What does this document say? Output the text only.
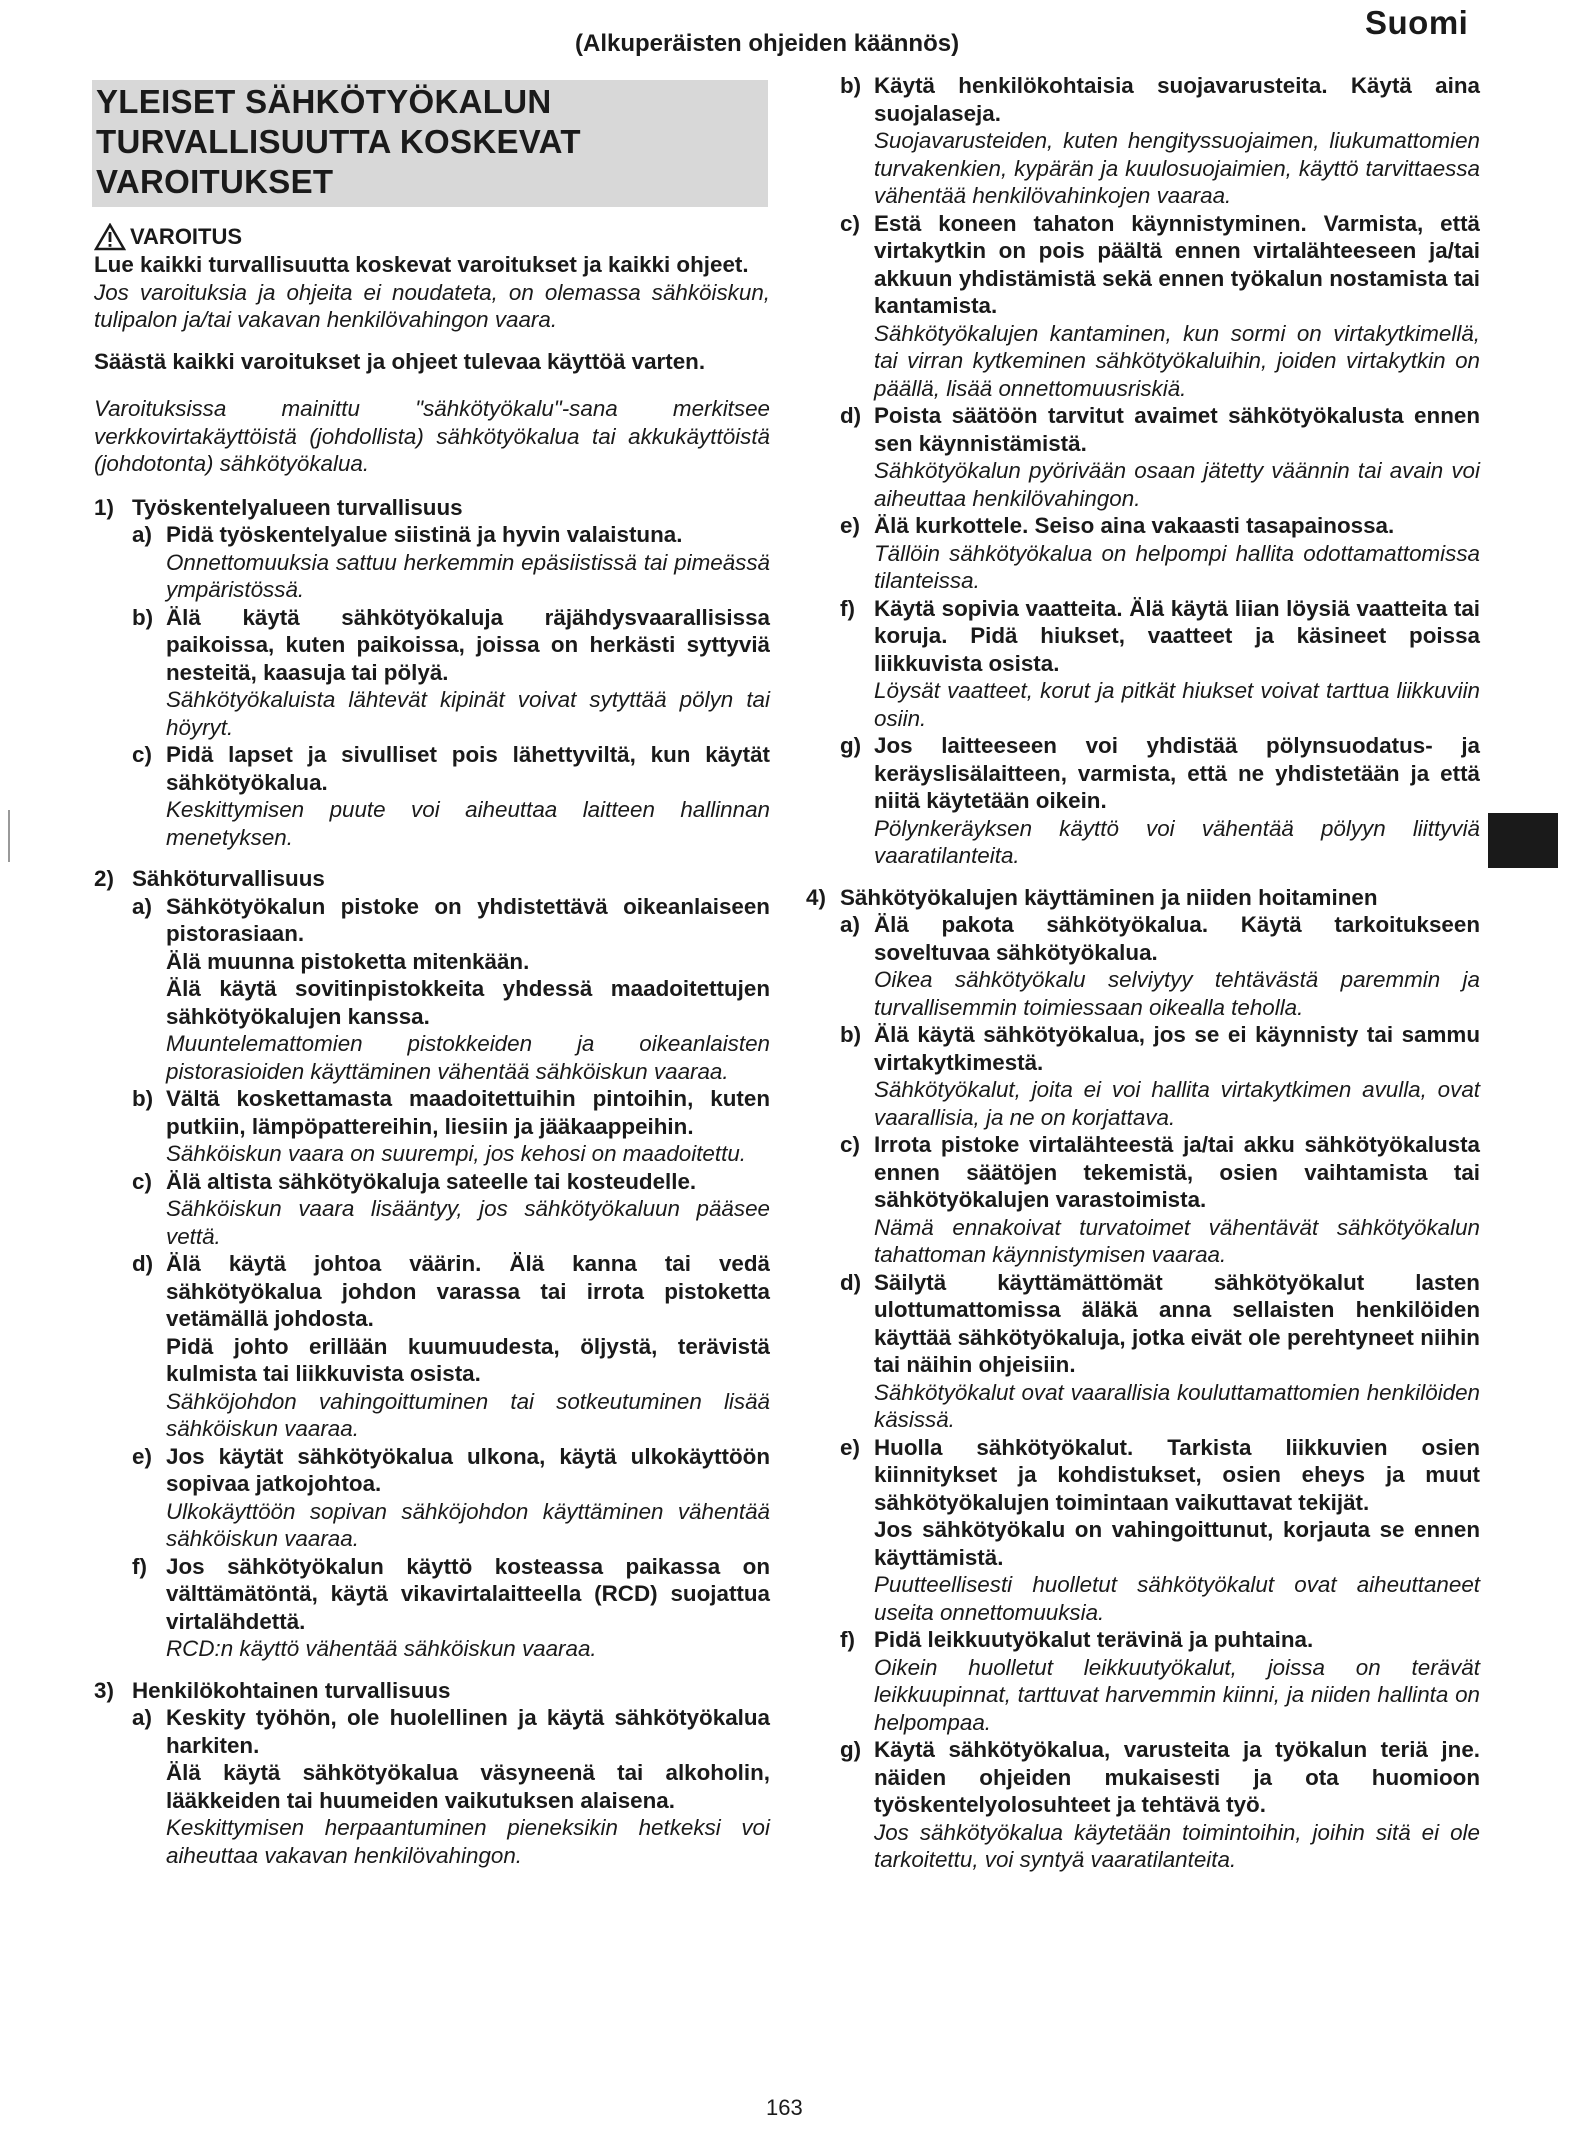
Suomi
(Alkuperäisten ohjeiden käännös)
YLEISET SÄHKÖTYÖKALUN
TURVALLISUUTTA KOSKEVAT
VAROITUKSET
VAROITUS
Lue kaikki turvallisuutta koskevat varoitukset ja kaikki ohjeet.
Jos varoituksia ja ohjeita ei noudateta, on olemassa sähköiskun, tulipalon ja/tai vakavan henkilövahingon vaara.
Säästä kaikki varoitukset ja ohjeet tulevaa käyttöä varten.
Varoituksissa mainittu "sähkötyökalu"-sana merkitsee verkkovirtakäyttöistä (johdollista) sähkötyökalua tai akkukäyttöistä (johdotonta) sähkötyökalua.
1) Työskentelyalueen turvallisuus
a) Pidä työskentelyalue siistinä ja hyvin valaistuna.
Onnettomuuksia sattuu herkemmin epäsiistissä tai pimeässä ympäristössä.
b) Älä käytä sähkötyökaluja räjähdysvaarallisissa paikoissa, kuten paikoissa, joissa on herkästi syttyviä nesteitä, kaasuja tai pölyä.
Sähkötyökaluista lähtevät kipinät voivat sytyttää pölyn tai höyryt.
c) Pidä lapset ja sivulliset pois lähettyviltä, kun käytät sähkötyökalua.
Keskittymisen puute voi aiheuttaa laitteen hallinnan menetyksen.
2) Sähköturvallisuus
a) Sähkötyökalun pistoke on yhdistettävä oikeanlaiseen pistorasiaan.
Älä muunna pistoketta mitenkään.
Älä käytä sovitinpistokkeita yhdessä maadoitettujen sähkötyökalujen kanssa.
Muuntelemattomien pistokkeiden ja oikeanlaisten pistorasioiden käyttäminen vähentää sähköiskun vaaraa.
b) Vältä koskettamasta maadoitettuihin pintoihin, kuten putkiin, lämpöpattereihin, liesiin ja jääkaappeihin.
Sähköiskun vaara on suurempi, jos kehosi on maadoitettu.
c) Älä altista sähkötyökaluja sateelle tai kosteudelle.
Sähköiskun vaara lisääntyy, jos sähkötyökaluun pääsee vettä.
d) Älä käytä johtoa väärin. Älä kanna tai vedä sähkötyökalua johdon varassa tai irrota pistoketta vetämällä johdosta.
Pidä johto erillään kuumuudesta, öljystä, terävistä kulmista tai liikkuvista osista.
Sähköjohdon vahingoittuminen tai sotkeutuminen lisää sähköiskun vaaraa.
e) Jos käytät sähkötyökalua ulkona, käytä ulkokäyttöön sopivaa jatkojohtoa.
Ulkokäyttöön sopivan sähköjohdon käyttäminen vähentää sähköiskun vaaraa.
f) Jos sähkötyökalun käyttö kosteassa paikassa on välttämätöntä, käytä vikavirtalaitteella (RCD) suojattua virtalähdettä.
RCD:n käyttö vähentää sähköiskun vaaraa.
3) Henkilökohtainen turvallisuus
a) Keskity työhön, ole huolellinen ja käytä sähkötyökalua harkiten.
Älä käytä sähkötyökalua väsyneenä tai alkoholin, lääkkeiden tai huumeiden vaikutuksen alaisena.
Keskittymisen herpaantuminen pieneksikin hetkeksi voi aiheuttaa vakavan henkilövahingon.
b) Käytä henkilökohtaisia suojavarusteita. Käytä aina suojalaseja.
Suojavarusteiden, kuten hengityssuojaimen, liukumattomien turvakenkien, kypärän ja kuulosuojaimien, käyttö tarvittaessa vähentää henkilövahinkojen vaaraa.
c) Estä koneen tahaton käynnistyminen. Varmista, että virtakytkin on pois päältä ennen virtalähteeseen ja/tai akkuun yhdistämistä sekä ennen työkalun nostamista tai kantamista.
Sähkötyökalujen kantaminen, kun sormi on virtakytkimellä, tai virran kytkeminen sähkötyökaluihin, joiden virtakytkin on päällä, lisää onnettomuusriskiä.
d) Poista säätöön tarvitut avaimet sähkötyökalusta ennen sen käynnistämistä.
Sähkötyökalun pyörivään osaan jätetty väännin tai avain voi aiheuttaa henkilövahingon.
e) Älä kurkottele. Seiso aina vakaasti tasapainossa.
Tällöin sähkötyökalua on helpompi hallita odottamattomissa tilanteissa.
f) Käytä sopivia vaatteita. Älä käytä liian löysiä vaatteita tai koruja. Pidä hiukset, vaatteet ja käsineet poissa liikkuvista osista.
Löysät vaatteet, korut ja pitkät hiukset voivat tarttua liikkuviin osiin.
g) Jos laitteeseen voi yhdistää pölynsuodatus- ja keräyslisälaitteen, varmista, että ne yhdistetään ja että niitä käytetään oikein.
Pölynkeräyksen käyttö voi vähentää pölyyn liittyviä vaaratilanteita.
4) Sähkötyökalujen käyttäminen ja niiden hoitaminen
a) Älä pakota sähkötyökalua. Käytä tarkoitukseen soveltuvaa sähkötyökalua.
Oikea sähkötyökalu selviytyy tehtävästä paremmin ja turvallisemmin toimiessaan oikealla teholla.
b) Älä käytä sähkötyökalua, jos se ei käynnisty tai sammu virtakytkimestä.
Sähkötyökalut, joita ei voi hallita virtakytkimen avulla, ovat vaarallisia, ja ne on korjattava.
c) Irrota pistoke virtalähteestä ja/tai akku sähkötyökalusta ennen säätöjen tekemistä, osien vaihtamista tai sähkötyökalujen varastoimista.
Nämä ennakoivat turvatoimet vähentävät sähkötyökalun tahattoman käynnistymisen vaaraa.
d) Säilytä käyttämättömät sähkötyökalut lasten ulottumattomissa äläkä anna sellaisten henkilöiden käyttää sähkötyökaluja, jotka eivät ole perehtyneet niihin tai näihin ohjeisiin.
Sähkötyökalut ovat vaarallisia kouluttamattomien henkilöiden käsissä.
e) Huolla sähkötyökalut. Tarkista liikkuvien osien kiinnitykset ja kohdistukset, osien eheys ja muut sähkötyökalujen toimintaan vaikuttavat tekijät.
Jos sähkötyökalu on vahingoittunut, korjauta se ennen käyttämistä.
Puutteellisesti huolletut sähkötyökalut ovat aiheuttaneet useita onnettomuuksia.
f) Pidä leikkuutyökalut terävinä ja puhtaina.
Oikein huolletut leikkuutyökalut, joissa on terävät leikkuupinnat, tarttuvat harvemmin kiinni, ja niiden hallinta on helpompaa.
g) Käytä sähkötyökalua, varusteita ja työkalun teriä jne. näiden ohjeiden mukaisesti ja ota huomioon työskentelyolosuhteet ja tehtävä työ.
Jos sähkötyökalua käytetään toimintoihin, joihin sitä ei ole tarkoitettu, voi syntyä vaaratilanteita.
163
